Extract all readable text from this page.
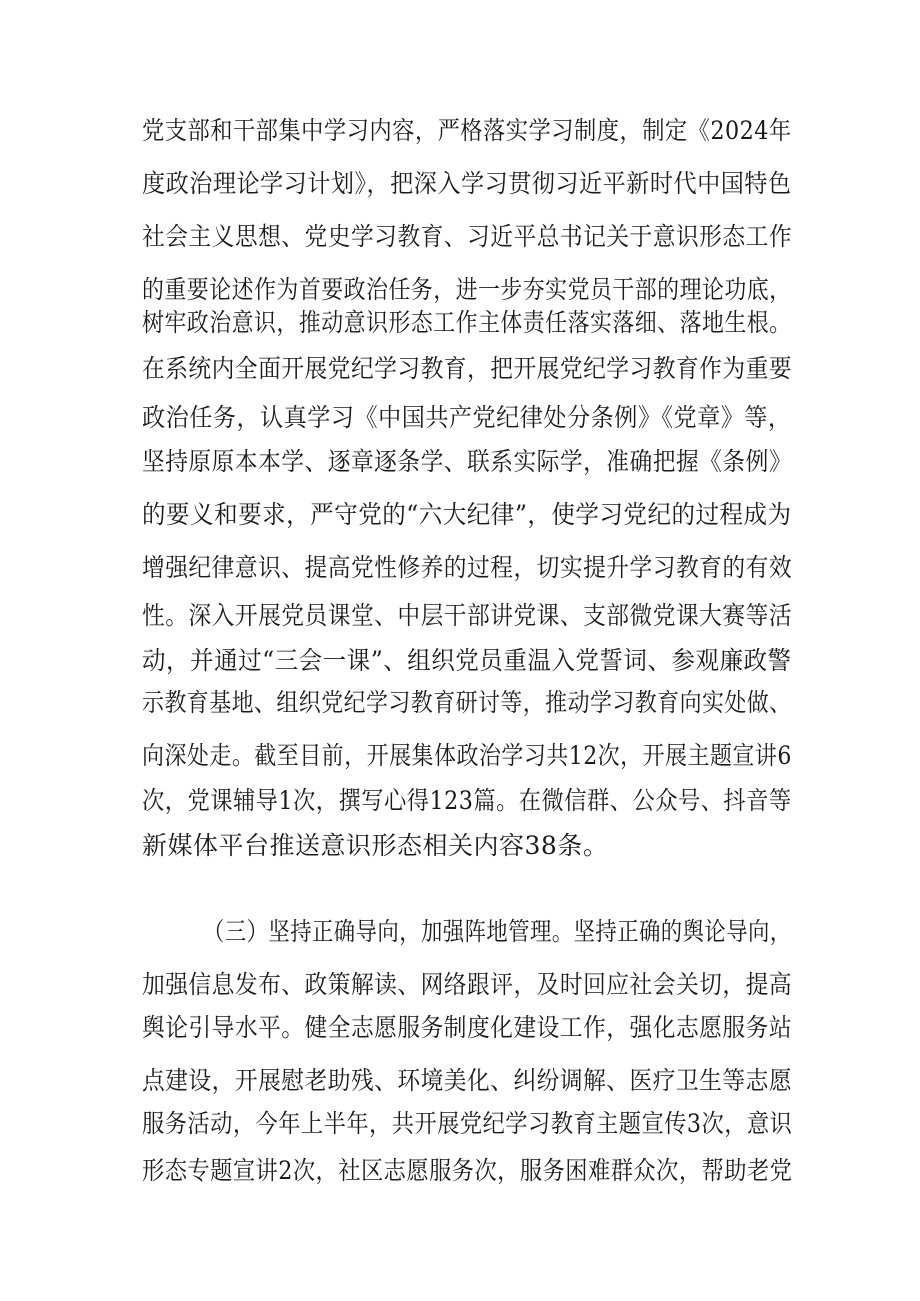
党支部和干部集中学习内容，严格落实学习制度，制定《2024年
度政治理论学习计划》，把深入学习贯彻习近平新时代中国特色
社会主义思想、党史学习教育、习近平总书记关于意识形态工作
的重要论述作为首要政治任务，进一步夯实党员干部的理论功底，
树牢政治意识，推动意识形态工作主体责任落实落细、落地生根。
在系统内全面开展党纪学习教育，把开展党纪学习教育作为重要
政治任务，认真学习《中国共产党纪律处分条例》《党章》等，
坚持原原本本学、逐章逐条学、联系实际学，准确把握《条例》
的要义和要求，严守党的“六大纪律”，使学习党纪的过程成为
增强纪律意识、提高党性修养的过程，切实提升学习教育的有效
性。深入开展党员课堂、中层干部讲党课、支部微党课大赛等活
动，并通过“三会一课”、组织党员重温入党誓词、参观廉政警
示教育基地、组织党纪学习教育研讨等，推动学习教育向实处做、
向深处走。截至目前，开展集体政治学习共12次，开展主题宣讲6
次，党课辅导1次，撰写心得123篇。在微信群、公众号、抖音等
新媒体平台推送意识形态相关内容38条。
（三）坚持正确导向，加强阵地管理。坚持正确的舆论导向，
加强信息发布、政策解读、网络跟评，及时回应社会关切，提高
舆论引导水平。健全志愿服务制度化建设工作，强化志愿服务站
点建设，开展慰老助残、环境美化、纠纷调解、医疗卫生等志愿
服务活动，今年上半年，共开展党纪学习教育主题宣传3次，意识
形态专题宣讲2次，社区志愿服务次，服务困难群众次，帮助老党
